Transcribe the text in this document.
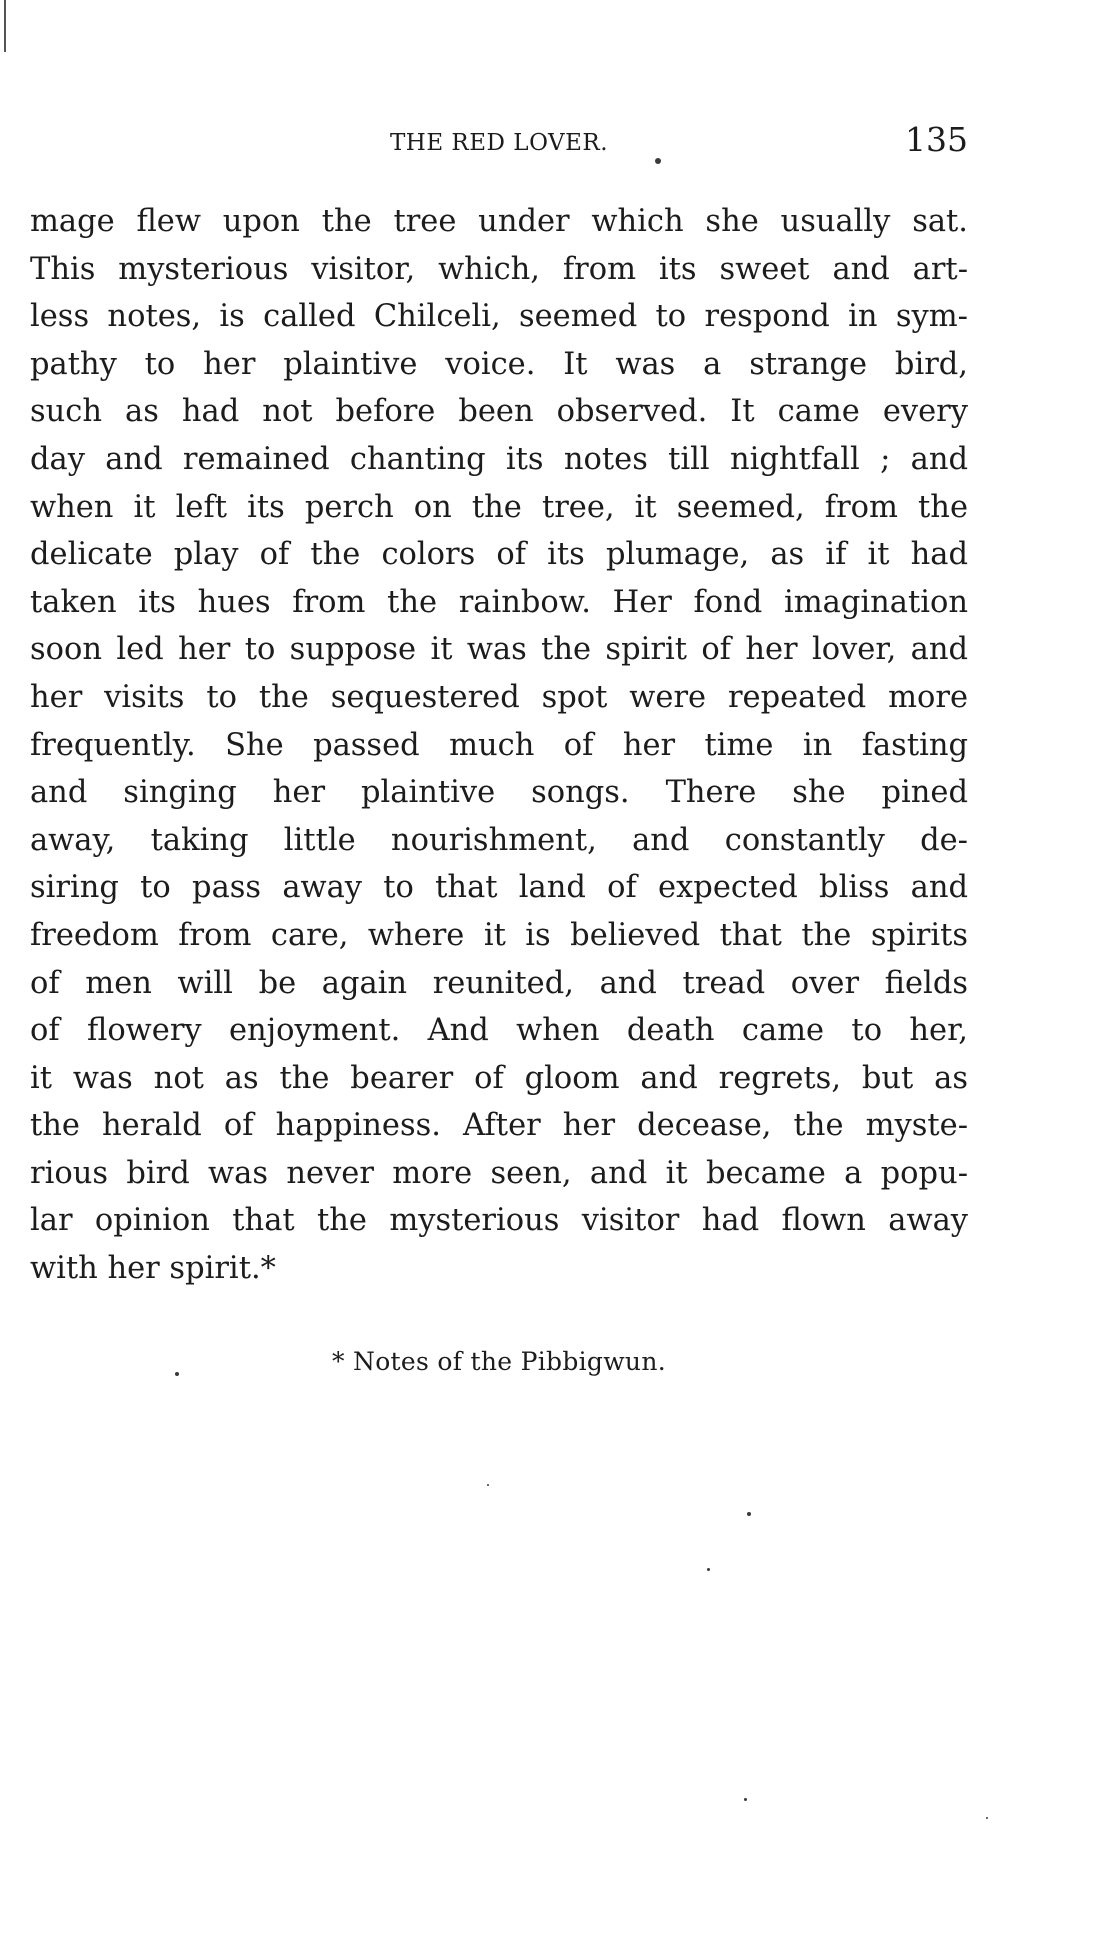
THE RED LOVER.	135
mage flew upon the tree under which she usually sat.
This mysterious visitor, which, from its sweet and art-
less notes, is called Chilceli, seemed to respond in sym-
pathy to her plaintive voice. It was a strange bird,
such as had not before been observed. It came every
day and remained chanting its notes till nightfall ; and
when it left its perch on the tree, it seemed, from the
delicate play of the colors of its plumage, as if it had
taken its hues from the rainbow. Her fond imagination
soon led her to suppose it was the spirit of her lover, and
her visits to the sequestered spot were repeated more
frequently. She passed much of her time in fasting
and singing her plaintive songs. There she pined
away, taking little nourishment, and constantly de-
siring to pass away to that land of expected bliss and
freedom from care, where it is believed that the spirits
of men will be again reunited, and tread over fields
of flowery enjoyment. And when death came to her,
it was not as the bearer of gloom and regrets, but as
the herald of happiness. After her decease, the myste-
rious bird was never more seen, and it became a popu-
lar opinion that the mysterious visitor had flown away
with her spirit.*
* Notes of the Pibbigwun.
